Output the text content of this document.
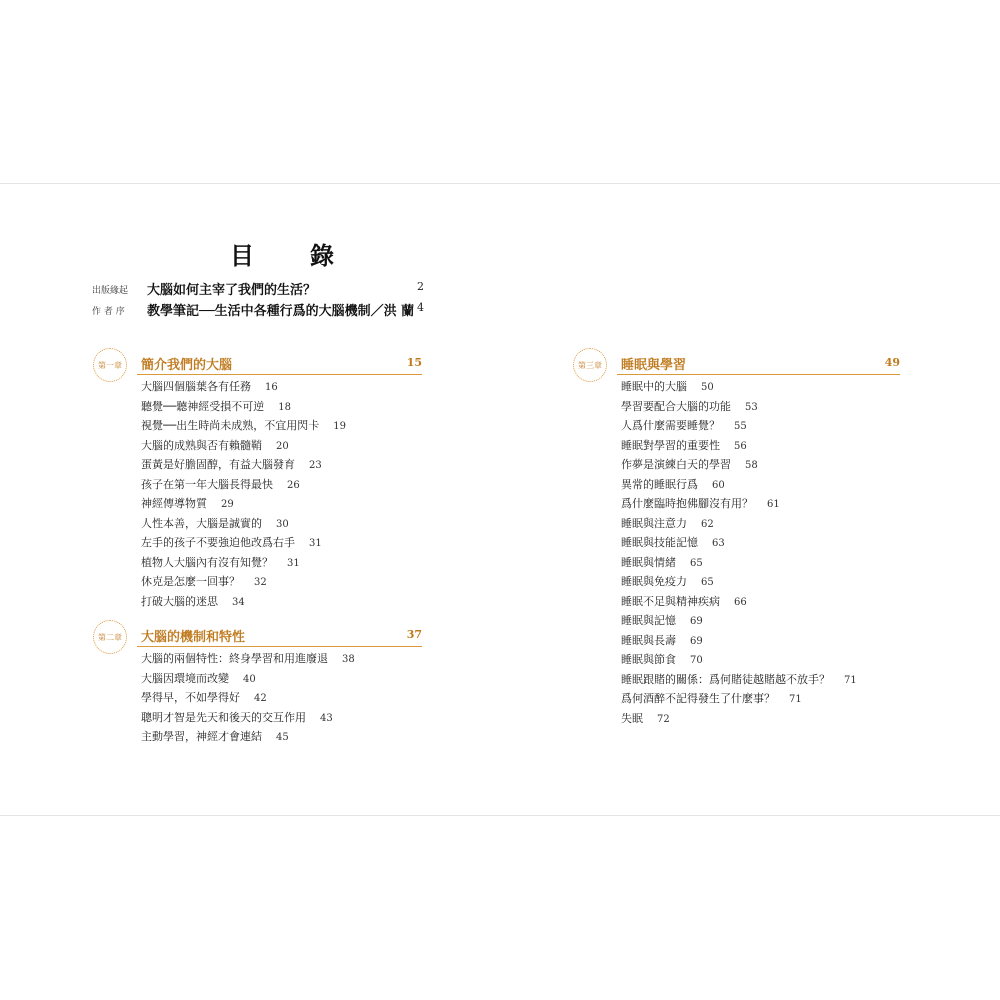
目　錄
出版緣起	大腦如何主宰了我們的生活？	2
作 者 序	教學筆記──生活中各種行爲的大腦機制／洪 蘭 4
第一章	簡介我們的大腦	15
大腦四個腦葉各有任務 16
聽覺──聽神經受損不可逆 18
視覺──出生時尚未成熟，不宜用閃卡 19
大腦的成熟與否有賴髓鞘 20
蛋黃是好膽固醇，有益大腦發育 23
孩子在第一年大腦長得最快 26
神經傳導物質 29
人性本善，大腦是誠實的 30
左手的孩子不要強迫他改爲右手 31
植物人大腦內有沒有知覺？ 31
休克是怎麼一回事？ 32
打破大腦的迷思 34
第二章	大腦的機制和特性	37
大腦的兩個特性：終身學習和用進廢退 38
大腦因環境而改變 40
學得早，不如學得好 42
聰明才智是先天和後天的交互作用 43
主動學習，神經才會連結 45
第三章	睡眠與學習	49
睡眠中的大腦 50
學習要配合大腦的功能 53
人爲什麼需要睡覺？ 55
睡眠對學習的重要性 56
作夢是演練白天的學習 58
異常的睡眠行爲 60
爲什麼臨時抱佛腳沒有用？ 61
睡眠與注意力 62
睡眠與技能記憶 63
睡眠與情緒 65
睡眠與免疫力 65
睡眠不足與精神疾病 66
睡眠與記憶 69
睡眠與長壽 69
睡眠與節食 70
睡眠跟賭的關係：爲何賭徒越賭越不放手？ 71
爲何酒醉不記得發生了什麼事？ 71
失眠 72
